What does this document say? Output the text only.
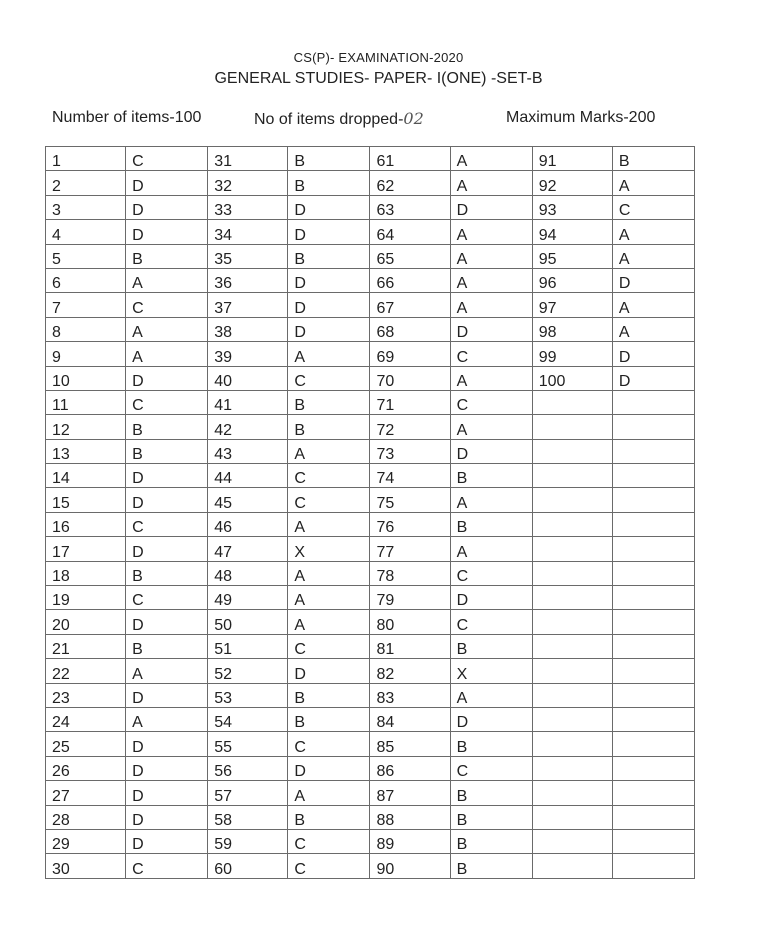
CS(P)- EXAMINATION-2020
GENERAL STUDIES- PAPER- I(ONE) -SET-B
Number of items-100	No of items dropped-02	Maximum Marks-200
1	C	31	B	61	A	91	B
2	D	32	B	62	A	92	A
3	D	33	D	63	D	93	C
4	D	34	D	64	A	94	A
5	B	35	B	65	A	95	A
6	A	36	D	66	A	96	D
7	C	37	D	67	A	97	A
8	A	38	D	68	D	98	A
9	A	39	A	69	C	99	D
10	D	40	C	70	A	100	D
11	C	41	B	71	C		
12	B	42	B	72	A		
13	B	43	A	73	D		
14	D	44	C	74	B		
15	D	45	C	75	A		
16	C	46	A	76	B		
17	D	47	X	77	A		
18	B	48	A	78	C		
19	C	49	A	79	D		
20	D	50	A	80	C		
21	B	51	C	81	B		
22	A	52	D	82	X		
23	D	53	B	83	A		
24	A	54	B	84	D		
25	D	55	C	85	B		
26	D	56	D	86	C		
27	D	57	A	87	B		
28	D	58	B	88	B		
29	D	59	C	89	B		
30	C	60	C	90	B		
